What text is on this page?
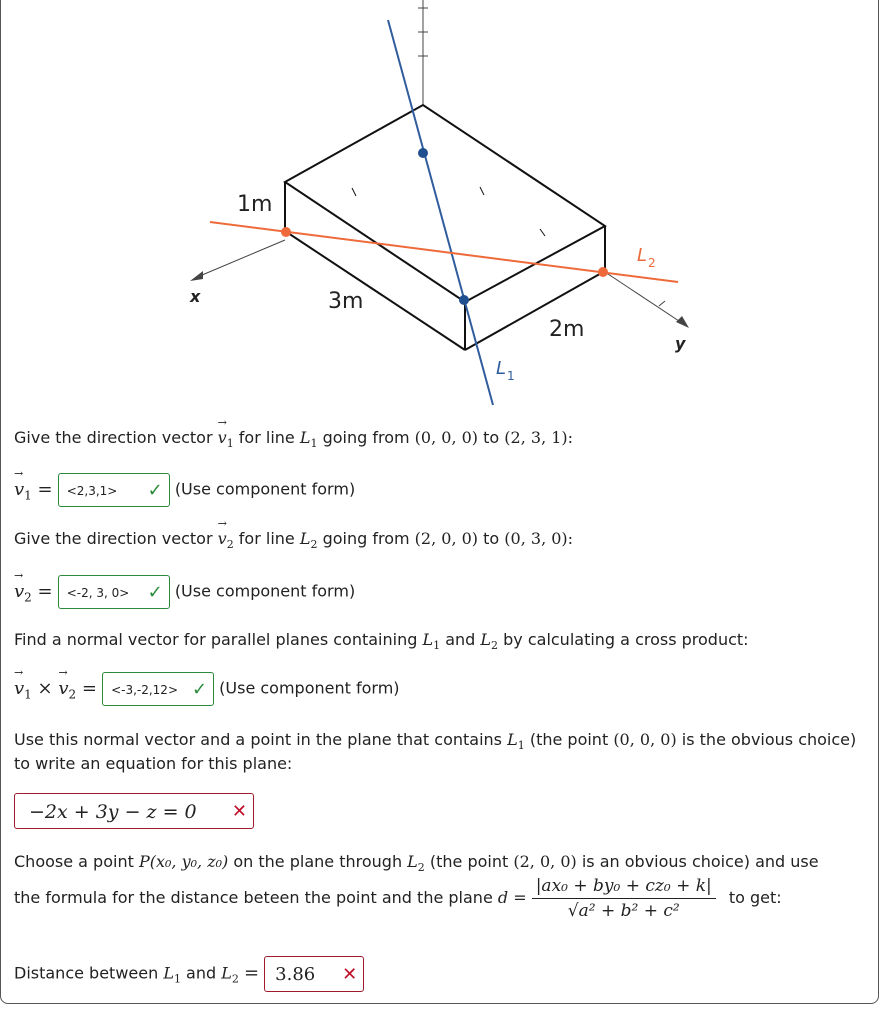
1m
3m
2m
x
y
L 1
L 2
Give the direction vector → $v_1$ for line $L_1$ going from (0, 0, 0) to (2, 3, 1):
→ $v_1 = <2,3,1>$ ✓ (Use component form)
Give the direction vector → $v_2$ for line $L_2$ going from (2, 0, 0) to (0, 3, 0):
→ $v_2 = <-2$, 3, 0> ✓ (Use component form)
Find a normal vector for parallel planes containing $L_1$ and $L_2$ by calculating a cross product:
→ $v_1$ × → $v_2 = <-3,-2,12>$ ✓ (Use component form)
Use this normal vector and a point in the plane that contains $L_1$ (the point (0, 0, 0) is the obvious choice)
to write an equation for this plane:
−2x + 3y − z = 0 ✕
Choose a point P(x₀, y₀, z₀) on the plane through $L_2$ (the point (2, 0, 0) is an obvious choice) and use
the formula for the distance beteen the point and the plane $d = \frac{\text{|ax₀ + by₀ + cz₀ + k|}}{\text{√a² + b² + c²}}$ to get:
Distance between $L_1$ and $L_2 = 3.86$ ✕
